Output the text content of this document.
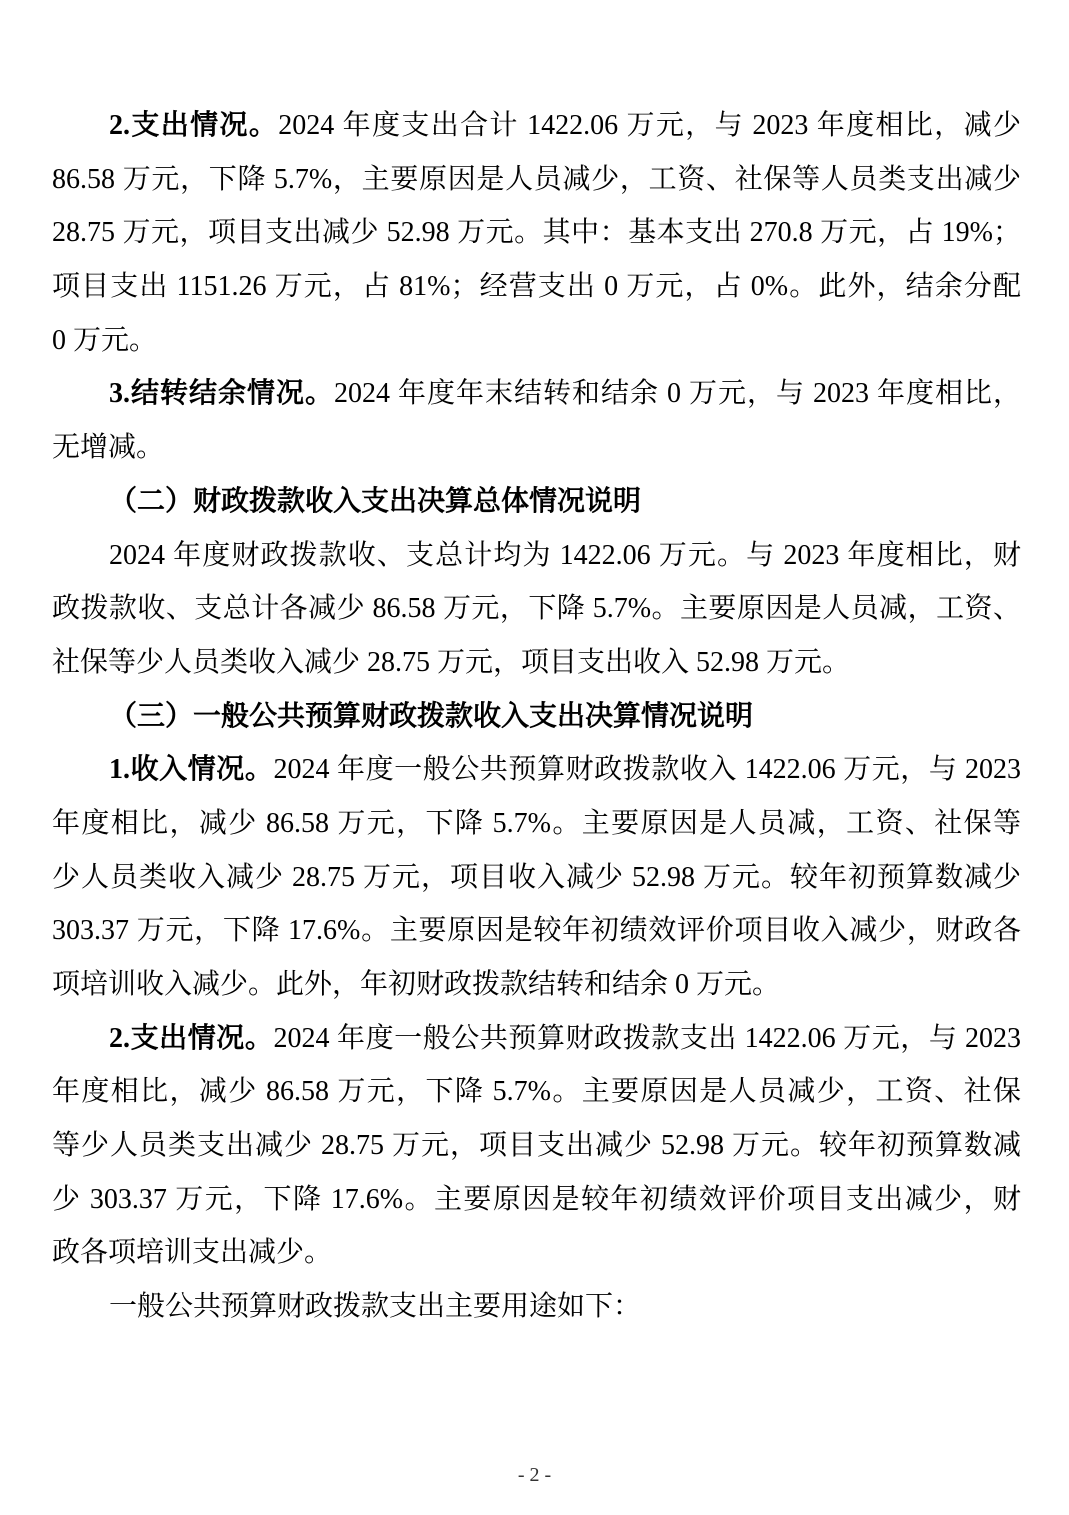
2.支出情况。2024 年度支出合计 1422.06 万元，与 2023 年度相比，减少
86.58 万元，下降 5.7%，主要原因是人员减少，工资、社保等人员类支出减少
28.75 万元，项目支出减少 52.98 万元。其中：基本支出 270.8 万元，占 19%；
项目支出 1151.26 万元，占 81%；经营支出 0 万元，占 0%。此外，结余分配
0 万元。
3.结转结余情况。2024 年度年末结转和结余 0 万元，与 2023 年度相比，
无增减。
（二）财政拨款收入支出决算总体情况说明
2024 年度财政拨款收、支总计均为 1422.06 万元。与 2023 年度相比，财
政拨款收、支总计各减少 86.58 万元，下降 5.7%。主要原因是人员减，工资、
社保等少人员类收入减少 28.75 万元，项目支出收入 52.98 万元。
（三）一般公共预算财政拨款收入支出决算情况说明
1.收入情况。2024 年度一般公共预算财政拨款收入 1422.06 万元，与 2023
年度相比，减少 86.58 万元，下降 5.7%。主要原因是人员减，工资、社保等
少人员类收入减少 28.75 万元，项目收入减少 52.98 万元。较年初预算数减少
303.37 万元，下降 17.6%。主要原因是较年初绩效评价项目收入减少，财政各
项培训收入减少。此外，年初财政拨款结转和结余 0 万元。
2.支出情况。2024 年度一般公共预算财政拨款支出 1422.06 万元，与 2023
年度相比，减少 86.58 万元，下降 5.7%。主要原因是人员减少，工资、社保
等少人员类支出减少 28.75 万元，项目支出减少 52.98 万元。较年初预算数减
少 303.37 万元，下降 17.6%。主要原因是较年初绩效评价项目支出减少，财
政各项培训支出减少。
一般公共预算财政拨款支出主要用途如下：
- 2 -
